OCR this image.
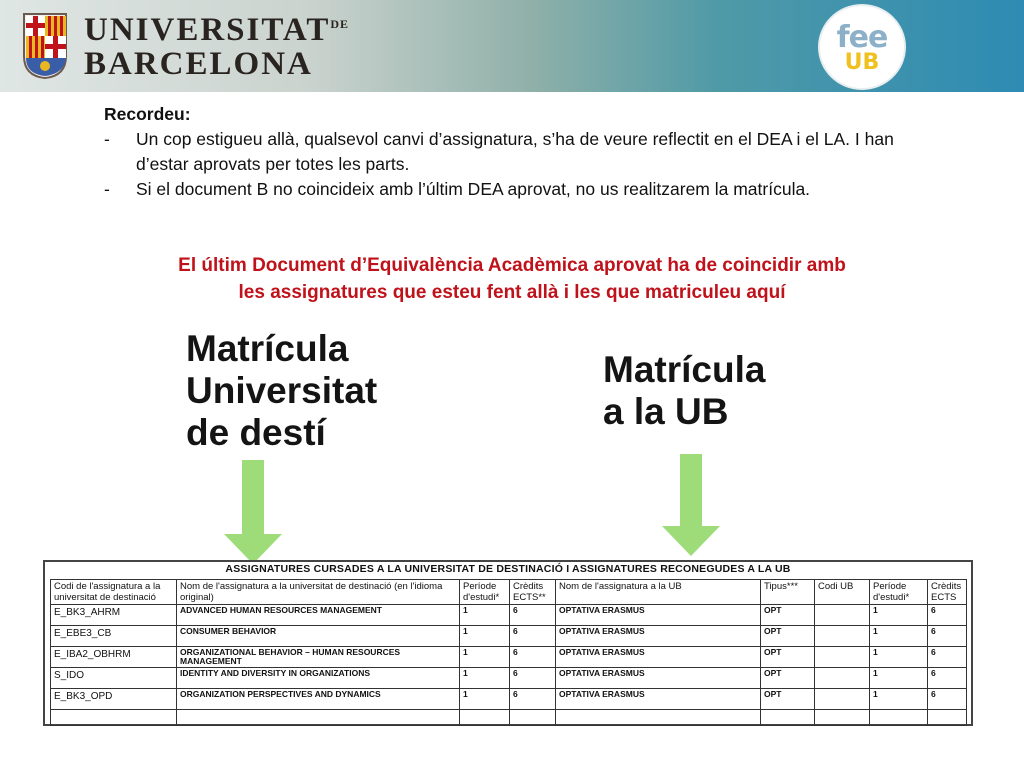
$UNIVERSITAT^{DE}$
BARCELONA
fee
UB
Recordeu:
- Un cop estigueu allà, qualsevol canvi d’assignatura, s’ha de veure reflectit en el DEA i el LA. I han d’estar aprovats per totes les parts.
- Si el document B no coincideix amb l’últim DEA aprovat, no us realitzarem la matrícula.
El últim Document d’Equivalència Acadèmica aprovat ha de coincidir amb
les assignatures que esteu fent allà i les que matriculeu aquí
Matrícula
Universitat
de destí
Matrícula
a la UB
ASSIGNATURES CURSADES A LA UNIVERSITAT DE DESTINACIÓ I ASSIGNATURES RECONEGUDES A LA UB
Codi de l'assignatura a la universitat de destinació	Nom de l'assignatura a la universitat de destinació (en l'idioma original)	Període d'estudi*	Crèdits ECTS**	Nom de l'assignatura a la UB	Tipus***	Codi UB	Període d'estudi*	Crèdits ECTS
E_BK3_AHRM	ADVANCED HUMAN RESOURCES MANAGEMENT	1	6	OPTATIVA ERASMUS	OPT		1	6
E_EBE3_CB	CONSUMER BEHAVIOR	1	6	OPTATIVA ERASMUS	OPT		1	6
E_IBA2_OBHRM	ORGANIZATIONAL BEHAVIOR – HUMAN RESOURCES MANAGEMENT	1	6	OPTATIVA ERASMUS	OPT		1	6
S_IDO	IDENTITY AND DIVERSITY IN ORGANIZATIONS	1	6	OPTATIVA ERASMUS	OPT		1	6
E_BK3_OPD	ORGANIZATION PERSPECTIVES AND DYNAMICS	1	6	OPTATIVA ERASMUS	OPT		1	6
